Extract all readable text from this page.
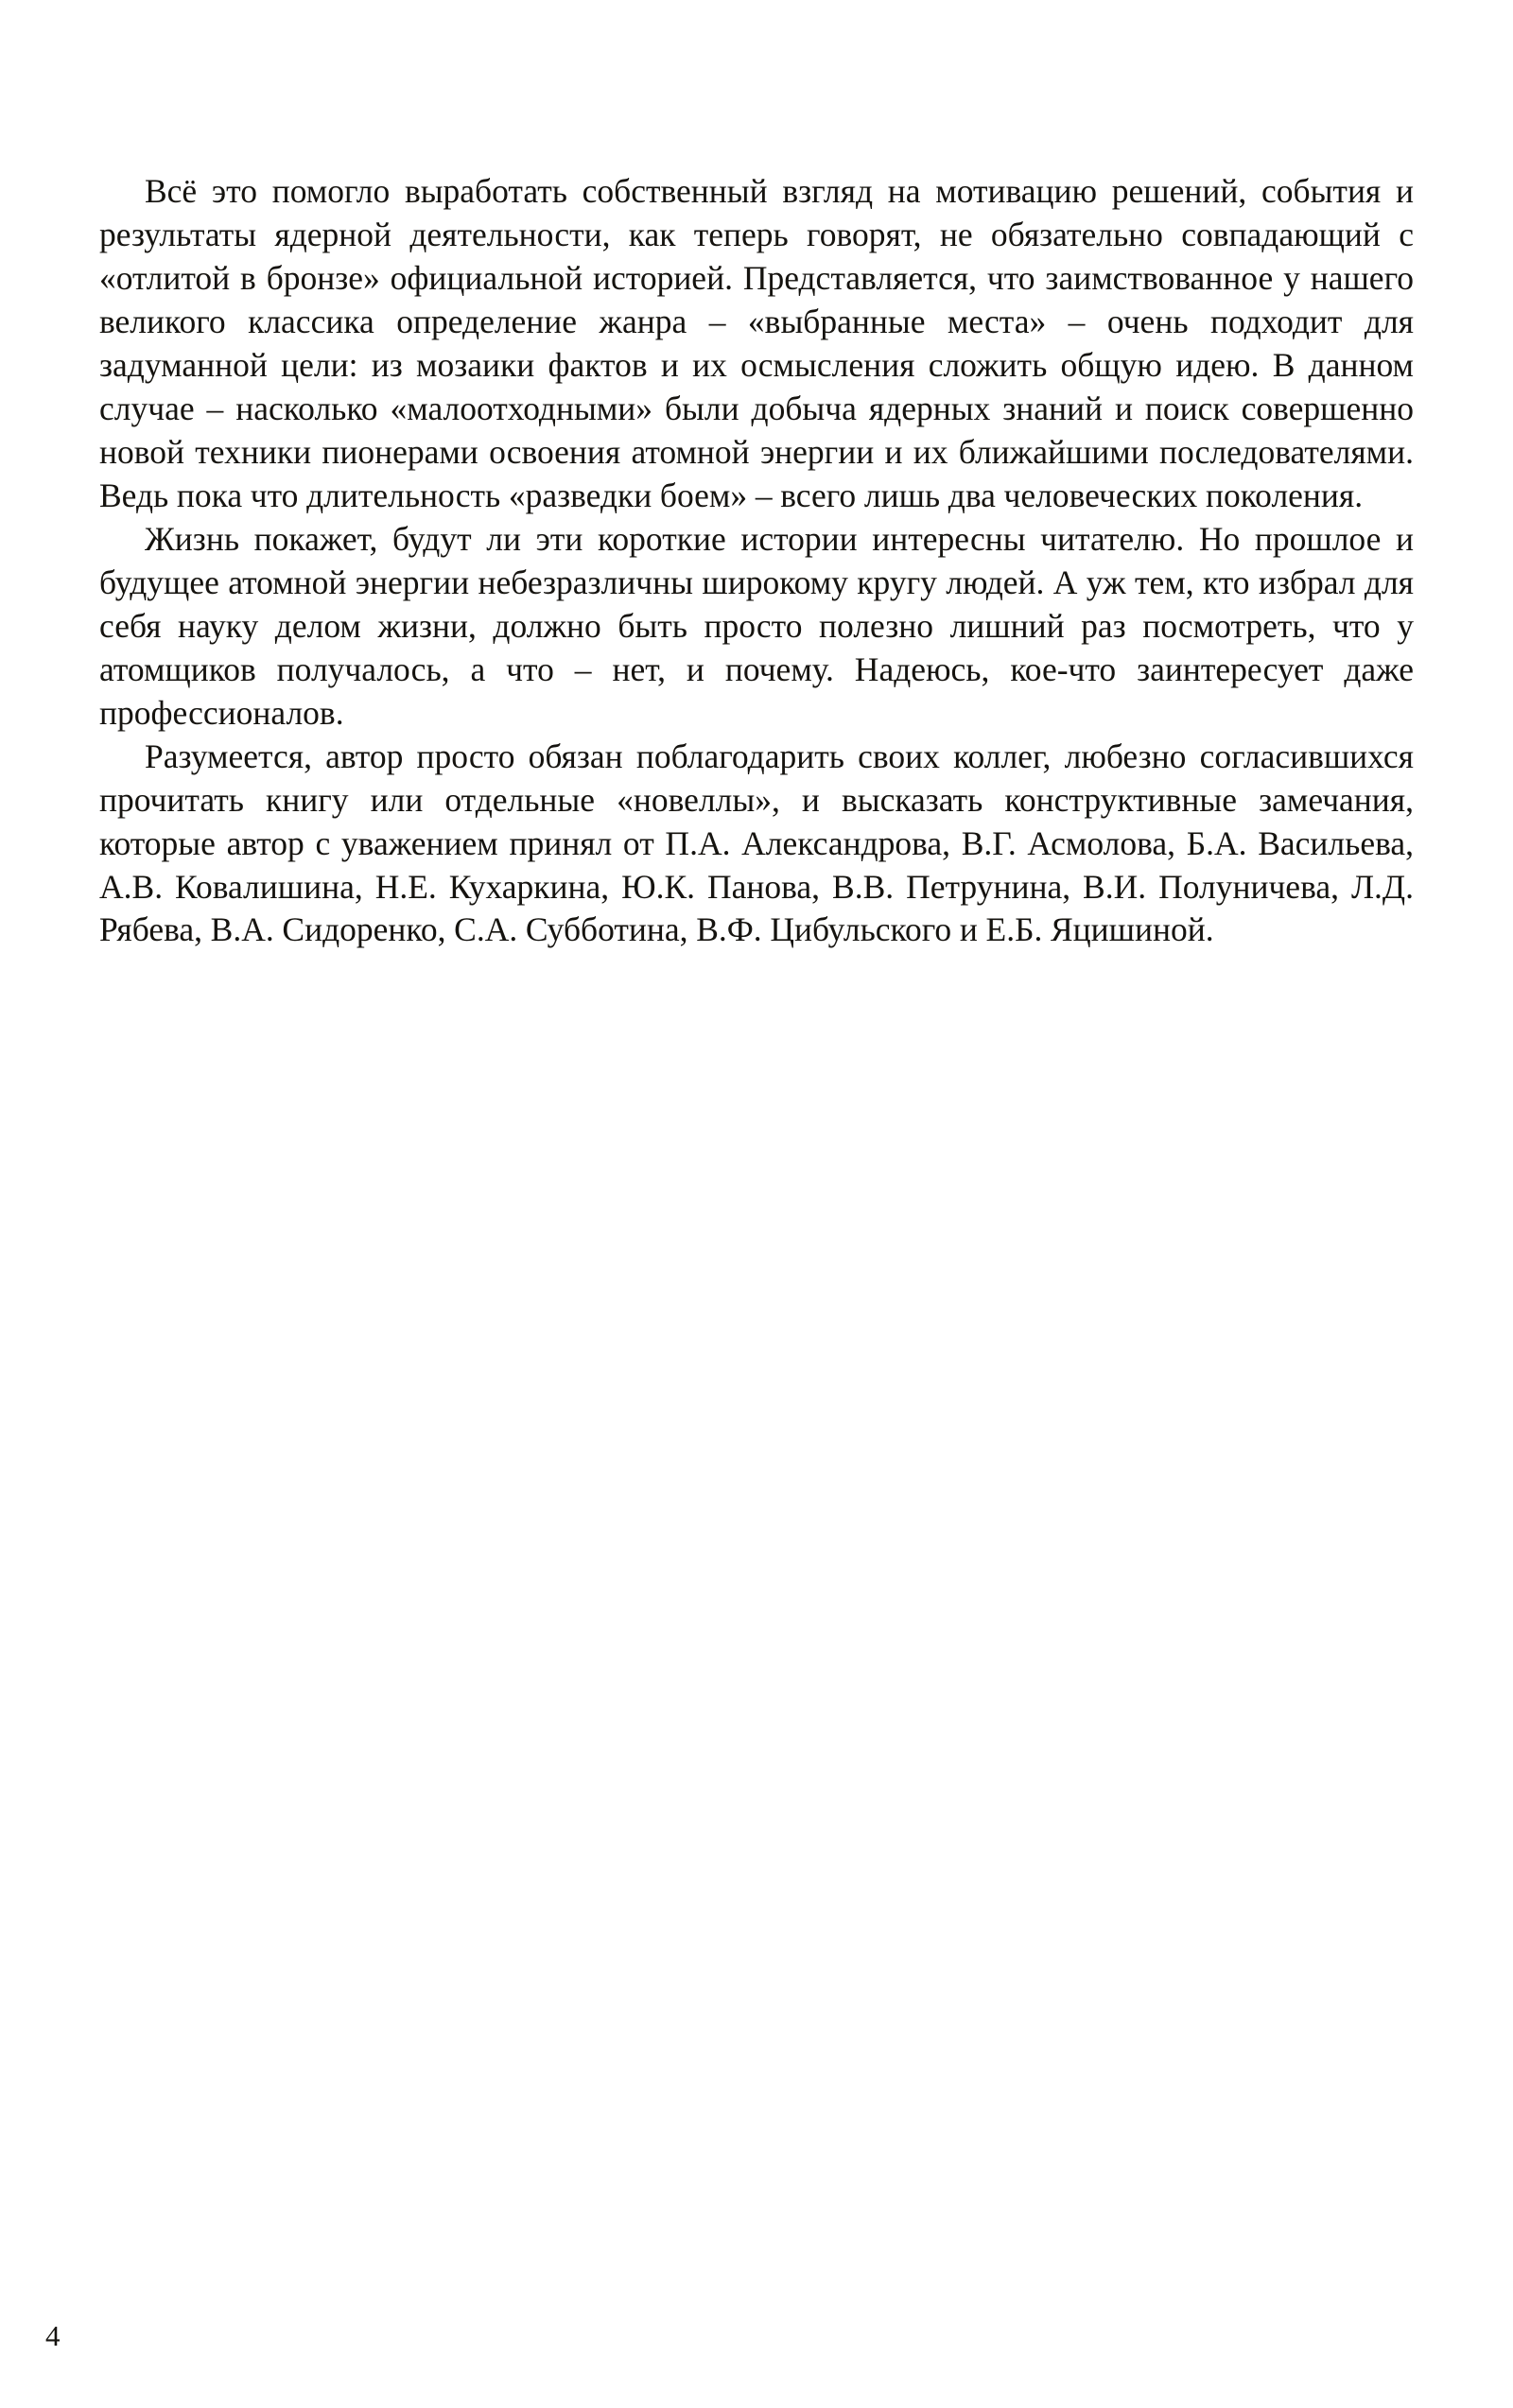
Всё это помогло выработать собственный взгляд на мотивацию решений, события и результаты ядерной деятельности, как теперь говорят, не обязательно совпадающий с «отлитой в бронзе» официальной историей. Представляется, что заимствованное у нашего великого классика определение жанра – «выбранные места» – очень подходит для задуманной цели: из мозаики фактов и их осмысления сложить общую идею. В данном случае – насколько «малоотходными» были добыча ядерных знаний и поиск совершенно новой техники пионерами освоения атомной энергии и их ближайшими последователями. Ведь пока что длительность «разведки боем» – всего лишь два человеческих поколения.

Жизнь покажет, будут ли эти короткие истории интересны читателю. Но прошлое и будущее атомной энергии небезразличны широкому кругу людей. А уж тем, кто избрал для себя науку делом жизни, должно быть просто полезно лишний раз посмотреть, что у атомщиков получалось, а что – нет, и почему. Надеюсь, кое-что заинтересует даже профессионалов.

Разумеется, автор просто обязан поблагодарить своих коллег, любезно согласившихся прочитать книгу или отдельные «новеллы», и высказать конструктивные замечания, которые автор с уважением принял от П.А. Александрова, В.Г. Асмолова, Б.А. Васильева, А.В. Ковалишина, Н.Е. Кухаркина, Ю.К. Панова, В.В. Петрунина, В.И. Полуничева, Л.Д. Рябева, В.А. Сидоренко, С.А. Субботина, В.Ф. Цибульского и Е.Б. Яцишиной.

4
